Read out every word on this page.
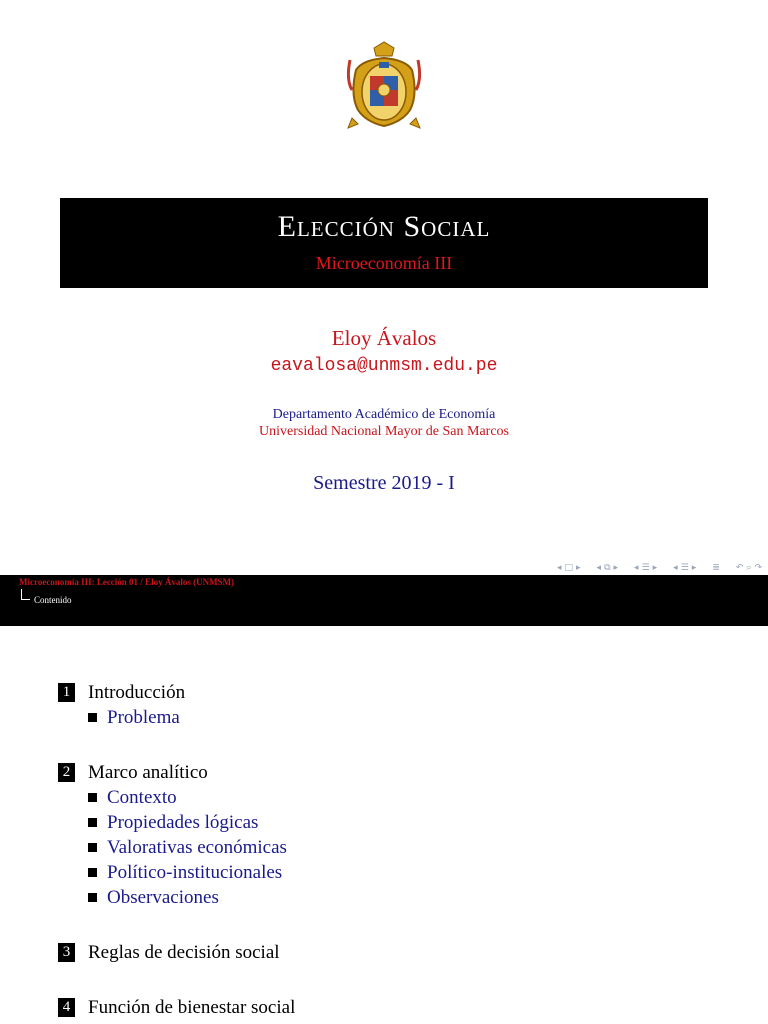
Elección Social
Microeconomía III
Eloy Ávalos
eavalosa@unmsm.edu.pe
Departamento Académico de Economía
Universidad Nacional Mayor de San Marcos
Semestre 2019 - I
◂ □ ▸ ◂ ⧉ ▸ ◂ ☰ ▸ ◂ ☰ ▸ ≣ ↶ ⌕ ↷
Microeconomía III: Lección 01 / Eloy Ávalos (UNMSM)
Contenido
1 Introducción
Problema
2 Marco analítico
Contexto
Propiedades lógicas
Valorativas económicas
Político-institucionales
Observaciones
3 Reglas de decisión social
4 Función de bienestar social
